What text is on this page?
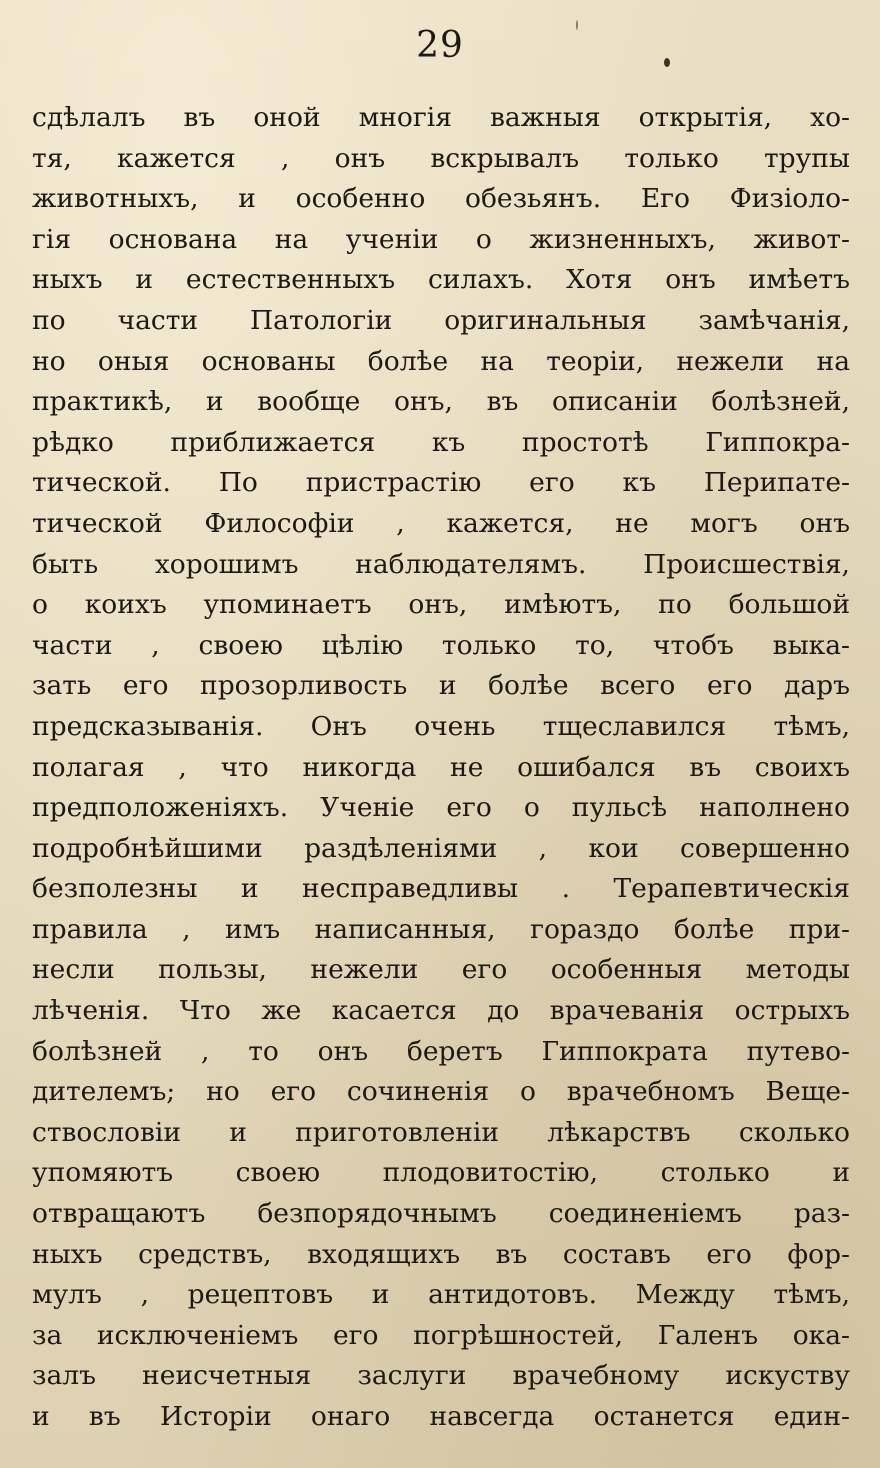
29
сдѣлалъ въ оной многія важныя открытія, хо-
тя, кажется , онъ вскрывалъ только трупы
животныхъ, и особенно обезьянъ. Его Физіоло-
гія основана на ученіи о жизненныхъ, живот-
ныхъ и естественныхъ силахъ. Хотя онъ имѣетъ
по части Патологіи оригинальныя замѣчанія,
но оныя основаны болѣе на теоріи, нежели на
практикѣ, и вообще онъ, въ описаніи болѣзней,
рѣдко приближается къ простотѣ Гиппокра-
тической. По пристрастію его къ Перипате-
тической Философіи , кажется, не могъ онъ
быть хорошимъ наблюдателямъ. Происшествія,
о коихъ упоминаетъ онъ, имѣютъ, по большой
части , своею цѣлію только то, чтобъ выка-
зать его прозорливость и болѣе всего его даръ
предсказыванія. Онъ очень тщеславился тѣмъ,
полагая , что никогда не ошибался въ своихъ
предположеніяхъ. Ученіе его о пульсѣ наполнено
подробнѣйшими раздѣленіями , кои совершенно
безполезны и несправедливы . Терапевтическія
правила , имъ написанныя, гораздо болѣе при-
несли пользы, нежели его особенныя методы
лѣченія. Что же касается до врачеванія острыхъ
болѣзней , то онъ беретъ Гиппократа путево-
дителемъ; но его сочиненія о врачебномъ Веще-
ствословіи и приготовленіи лѣкарствъ сколько
упомяютъ своею плодовитостію, столько и
отвращаютъ безпорядочнымъ соединеніемъ раз-
ныхъ средствъ, входящихъ въ составъ его фор-
мулъ , рецептовъ и антидотовъ. Между тѣмъ,
за исключеніемъ его погрѣшностей, Галенъ ока-
залъ неисчетныя заслуги врачебному искуству
и въ Исторіи онаго навсегда останется един-
